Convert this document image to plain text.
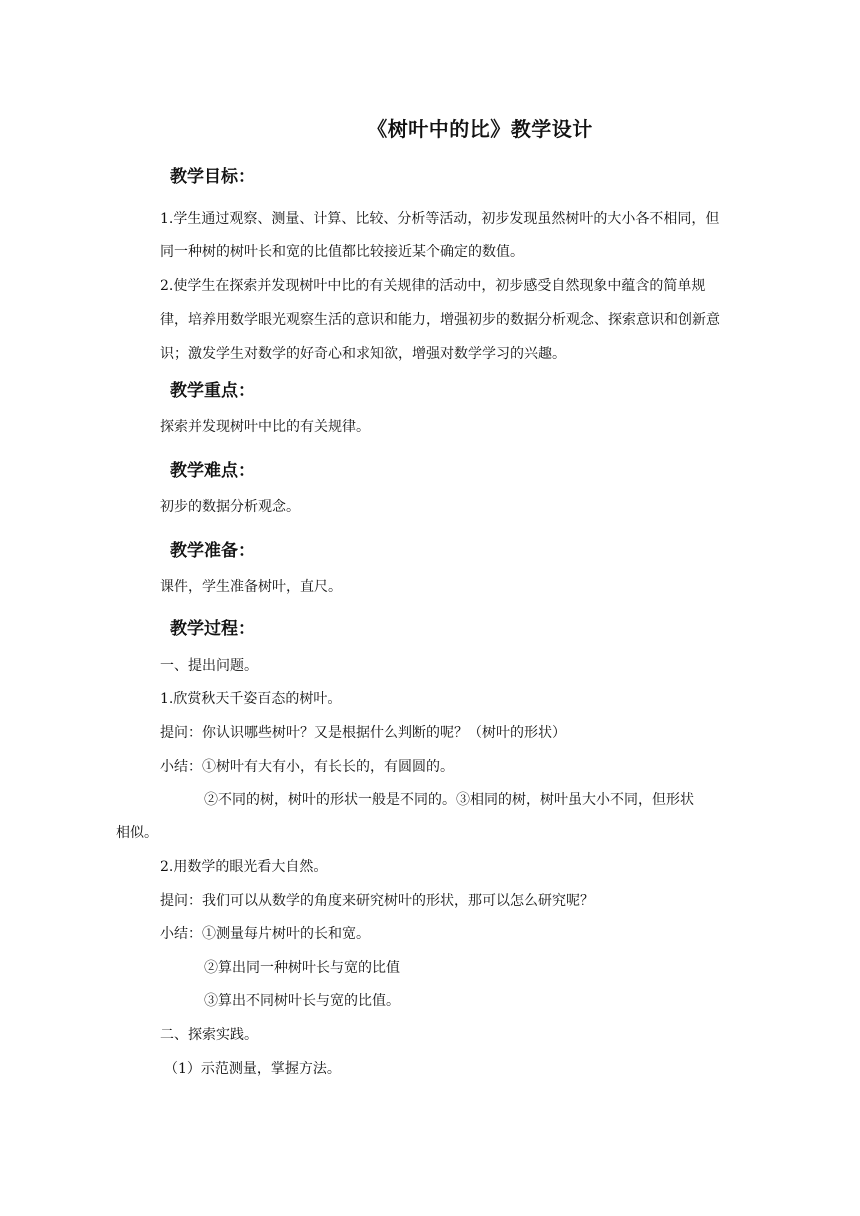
《树叶中的比》教学设计
教学目标：
1.学生通过观察、测量、计算、比较、分析等活动，初步发现虽然树叶的大小各不相同，但同一种树的树叶长和宽的比值都比较接近某个确定的数值。
2.使学生在探索并发现树叶中比的有关规律的活动中，初步感受自然现象中蕴含的简单规律，培养用数学眼光观察生活的意识和能力，增强初步的数据分析观念、探索意识和创新意识；激发学生对数学的好奇心和求知欲，增强对数学学习的兴趣。
教学重点：
探索并发现树叶中比的有关规律。
教学难点：
初步的数据分析观念。
教学准备：
课件，学生准备树叶，直尺。
教学过程：
一、提出问题。
1.欣赏秋天千姿百态的树叶。
提问：你认识哪些树叶？又是根据什么判断的呢？（树叶的形状）
小结：①树叶有大有小，有长长的，有圆圆的。
②不同的树，树叶的形状一般是不同的。③相同的树，树叶虽大小不同，但形状
相似。
2.用数学的眼光看大自然。
提问：我们可以从数学的角度来研究树叶的形状，那可以怎么研究呢？
小结：①测量每片树叶的长和宽。
②算出同一种树叶长与宽的比值
③算出不同树叶长与宽的比值。
二、探索实践。
（1）示范测量，掌握方法。
